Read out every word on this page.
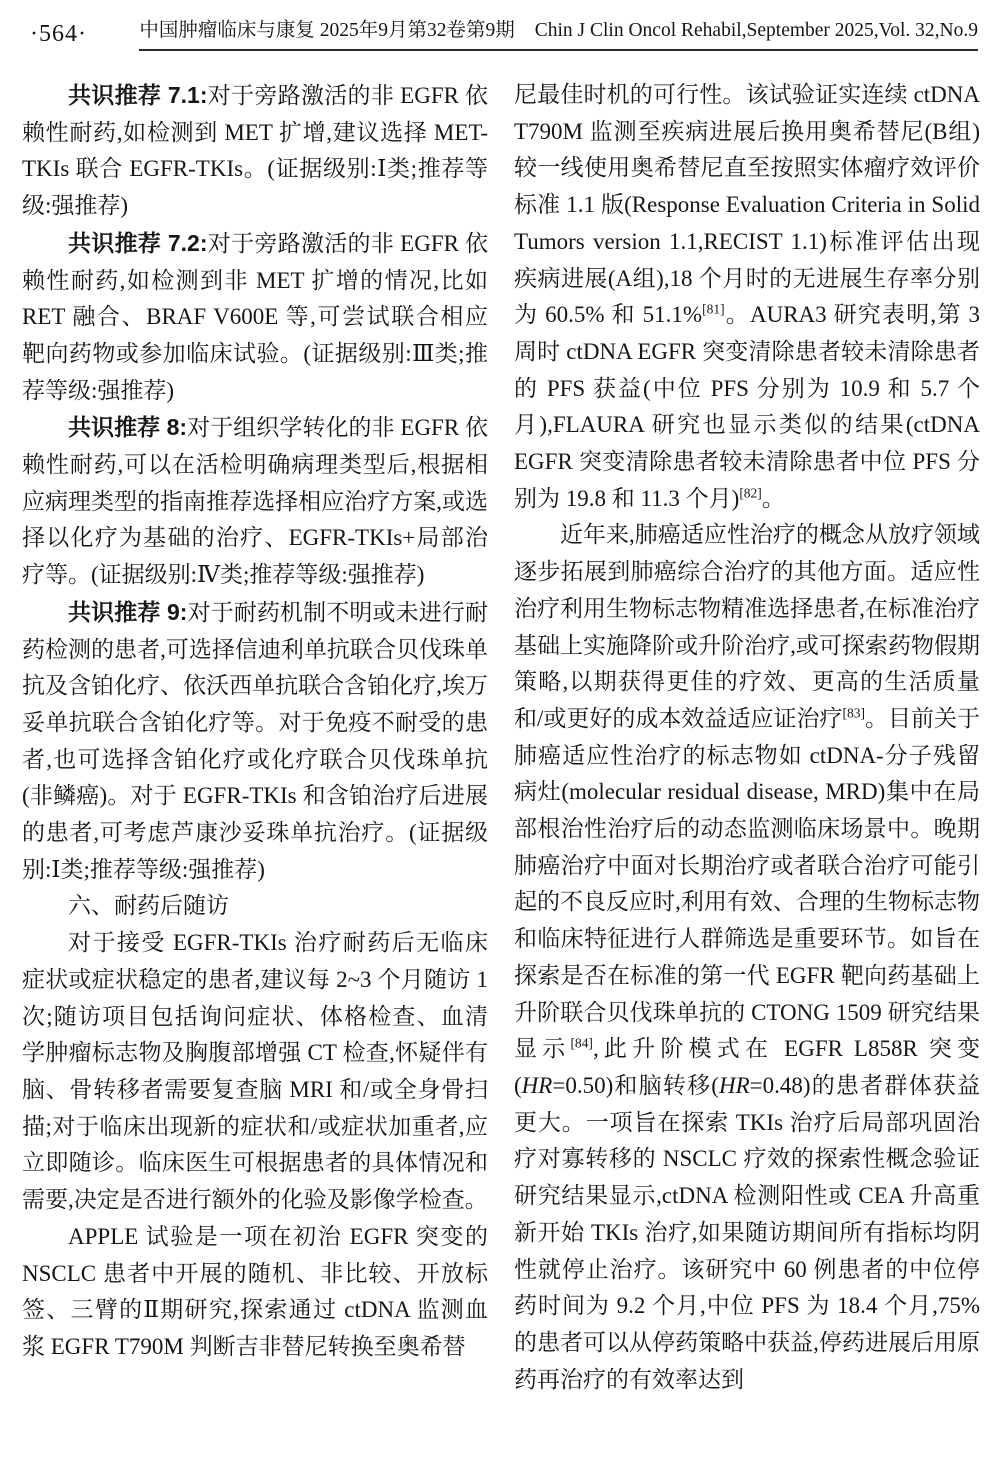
·564·	中国肿瘤临床与康复 2025年9月第32卷第9期 Chin J Clin Oncol Rehabil,September 2025,Vol. 32,No.9

共识推荐 7.1:对于旁路激活的非 EGFR 依赖性耐药,如检测到 MET 扩增,建议选择 MET-TKIs 联合 EGFR-TKIs。(证据级别:Ⅰ类;推荐等级:强推荐)

共识推荐 7.2:对于旁路激活的非 EGFR 依赖性耐药,如检测到非 MET 扩增的情况,比如 RET 融合、BRAF V600E 等,可尝试联合相应靶向药物或参加临床试验。(证据级别:Ⅲ类;推荐等级:强推荐)

共识推荐 8:对于组织学转化的非 EGFR 依赖性耐药,可以在活检明确病理类型后,根据相应病理类型的指南推荐选择相应治疗方案,或选择以化疗为基础的治疗、EGFR-TKIs+局部治疗等。(证据级别:Ⅳ类;推荐等级:强推荐)

共识推荐 9:对于耐药机制不明或未进行耐药检测的患者,可选择信迪利单抗联合贝伐珠单抗及含铂化疗、依沃西单抗联合含铂化疗,埃万妥单抗联合含铂化疗等。对于免疫不耐受的患者,也可选择含铂化疗或化疗联合贝伐珠单抗(非鳞癌)。对于 EGFR-TKIs 和含铂治疗后进展的患者,可考虑芦康沙妥珠单抗治疗。(证据级别:Ⅰ类;推荐等级:强推荐)

六、耐药后随访

对于接受 EGFR-TKIs 治疗耐药后无临床症状或症状稳定的患者,建议每 2~3 个月随访 1 次;随访项目包括询问症状、体格检查、血清学肿瘤标志物及胸腹部增强 CT 检查,怀疑伴有脑、骨转移者需要复查脑 MRI 和/或全身骨扫描;对于临床出现新的症状和/或症状加重者,应立即随诊。临床医生可根据患者的具体情况和需要,决定是否进行额外的化验及影像学检查。

APPLE 试验是一项在初治 EGFR 突变的 NSCLC 患者中开展的随机、非比较、开放标签、三臂的Ⅱ期研究,探索通过 ctDNA 监测血浆 EGFR T790M 判断吉非替尼转换至奥希替

尼最佳时机的可行性。该试验证实连续 ctDNA T790M 监测至疾病进展后换用奥希替尼(B组)较一线使用奥希替尼直至按照实体瘤疗效评价标准 1.1 版(Response Evaluation Criteria in Solid Tumors version 1.1,RECIST 1.1)标准评估出现疾病进展(A组),18 个月时的无进展生存率分别为 60.5% 和 51.1%[81]。AURA3 研究表明,第 3 周时 ctDNA EGFR 突变清除患者较未清除患者的 PFS 获益(中位 PFS 分别为 10.9 和 5.7 个月),FLAURA 研究也显示类似的结果(ctDNA EGFR 突变清除患者较未清除患者中位 PFS 分别为 19.8 和 11.3 个月)[82]。

近年来,肺癌适应性治疗的概念从放疗领域逐步拓展到肺癌综合治疗的其他方面。适应性治疗利用生物标志物精准选择患者,在标准治疗基础上实施降阶或升阶治疗,或可探索药物假期策略,以期获得更佳的疗效、更高的生活质量和/或更好的成本效益适应证治疗[83]。目前关于肺癌适应性治疗的标志物如 ctDNA-分子残留病灶(molecular residual disease, MRD)集中在局部根治性治疗后的动态监测临床场景中。晚期肺癌治疗中面对长期治疗或者联合治疗可能引起的不良反应时,利用有效、合理的生物标志物和临床特征进行人群筛选是重要环节。如旨在探索是否在标准的第一代 EGFR 靶向药基础上升阶联合贝伐珠单抗的 CTONG 1509 研究结果显示[84],此升阶模式在 EGFR L858R 突变(HR=0.50)和脑转移(HR=0.48)的患者群体获益更大。一项旨在探索 TKIs 治疗后局部巩固治疗对寡转移的 NSCLC 疗效的探索性概念验证研究结果显示,ctDNA 检测阳性或 CEA 升高重新开始 TKIs 治疗,如果随访期间所有指标均阴性就停止治疗。该研究中 60 例患者的中位停药时间为 9.2 个月,中位 PFS 为 18.4 个月,75% 的患者可以从停药策略中获益,停药进展后用原药再治疗的有效率达到
